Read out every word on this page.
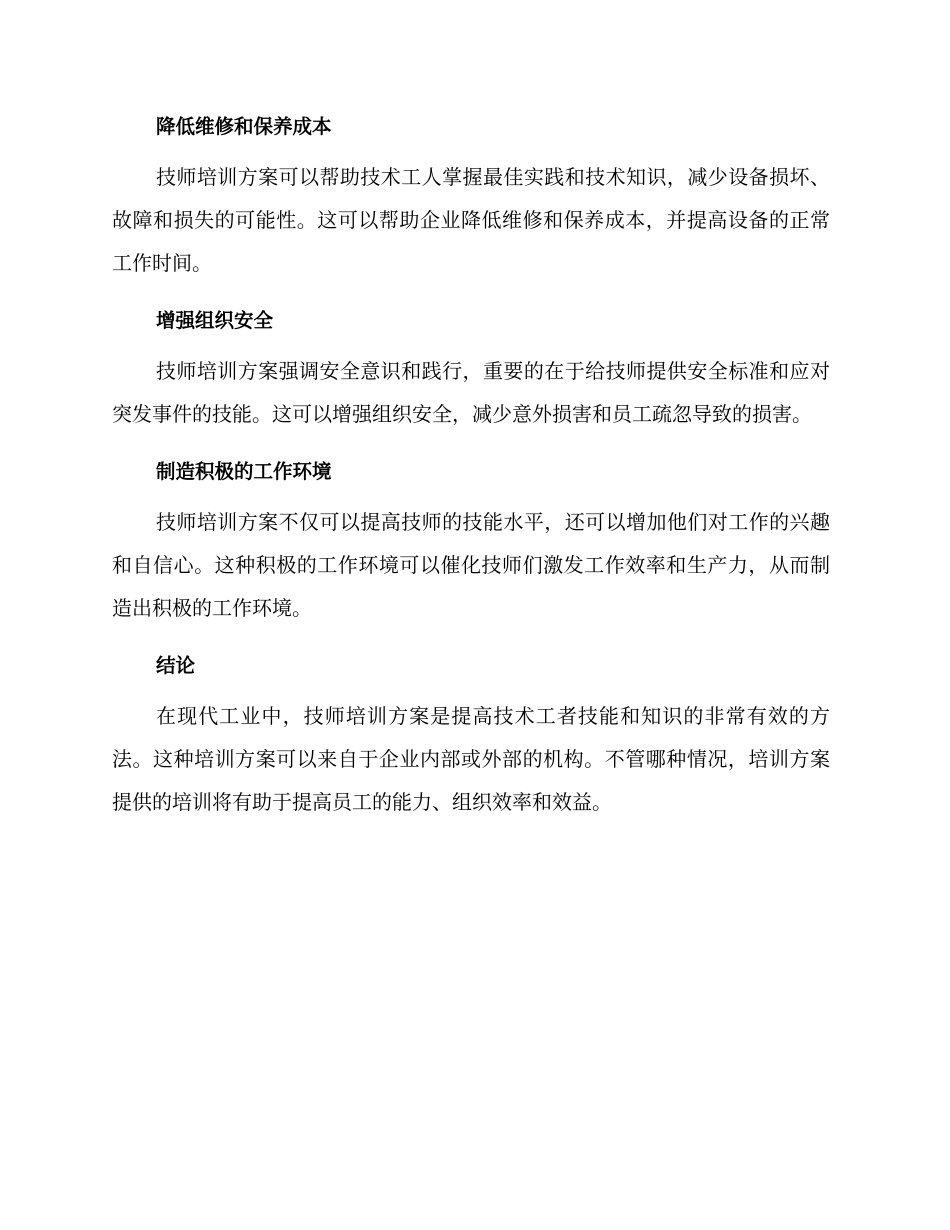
降低维修和保养成本

技师培训方案可以帮助技术工人掌握最佳实践和技术知识，减少设备损坏、故障和损失的可能性。这可以帮助企业降低维修和保养成本，并提高设备的正常工作时间。

增强组织安全

技师培训方案强调安全意识和践行，重要的在于给技师提供安全标准和应对突发事件的技能。这可以增强组织安全，减少意外损害和员工疏忽导致的损害。

制造积极的工作环境

技师培训方案不仅可以提高技师的技能水平，还可以增加他们对工作的兴趣和自信心。这种积极的工作环境可以催化技师们激发工作效率和生产力，从而制造出积极的工作环境。

结论

在现代工业中，技师培训方案是提高技术工者技能和知识的非常有效的方法。这种培训方案可以来自于企业内部或外部的机构。不管哪种情况，培训方案提供的培训将有助于提高员工的能力、组织效率和效益。
